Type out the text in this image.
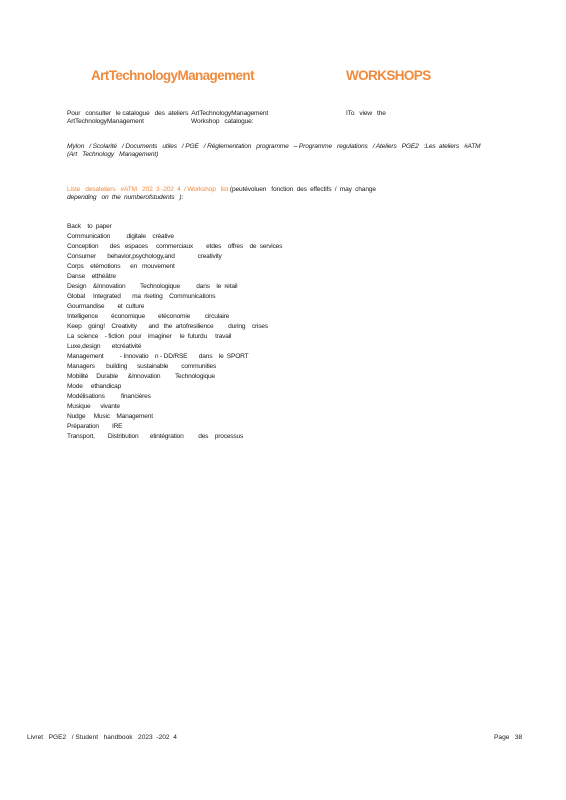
ArtTechnologyManagement	WORKSHOPS
Pour   consulter   le catalogue   des  ateliers  ArtTechnologyManagement
ArtTechnologyManagement
ITo   view   the
Workshop   catalogue:
MyIon   / Scolarité   / Documents   utiles   / PGE   / Réglementation   programme   – Programme   regulations   / Ateliers   PGE2   :Les  ateliers   #ATM  (Art   Technology   Management)
Liste   desateliers   #ATM   202  3 -202  4  / Workshop   list (peutévoluen   fonction  des  effectifs  /  may  change
depending   on  the  numberofstudents   ):
Back    to  paper
Communication          digitale    créative
Conception       des   espaces     commerciaux        etdes    offres    de  services
Consumer       behavior,psychology,and              creativity
Corps    etémotions      en   mouvement
Danse    etthéâtre
Design    &Innovation         Technologique          dans    le  retail
Global     Integrated       ma  rketing    Communications
Gourmandise        et  culture
Intelligence        économique        etéconomie         circulaire
Keep    going!    Creativity       and   the  artofresilience         during    crises
La  science    - fiction   pour    imaginer     le  futurdu     travail
Luxe,design       etcréativité
Management          - Innovatio    n - DD/RSE       dans    le  SPORT
Managers       building      sustainable        communities
Mobilité     Durable      &Innovation         Technologique
Mode     ethandicap
Modélisations          financières
Musique      vivante
Nudge     Music    Management
Préparation        IRE
Transport,        Distribution       etintégration         des    processus
Livret   PGE2   / Student   handbook   2023  -202  4	Page   38
